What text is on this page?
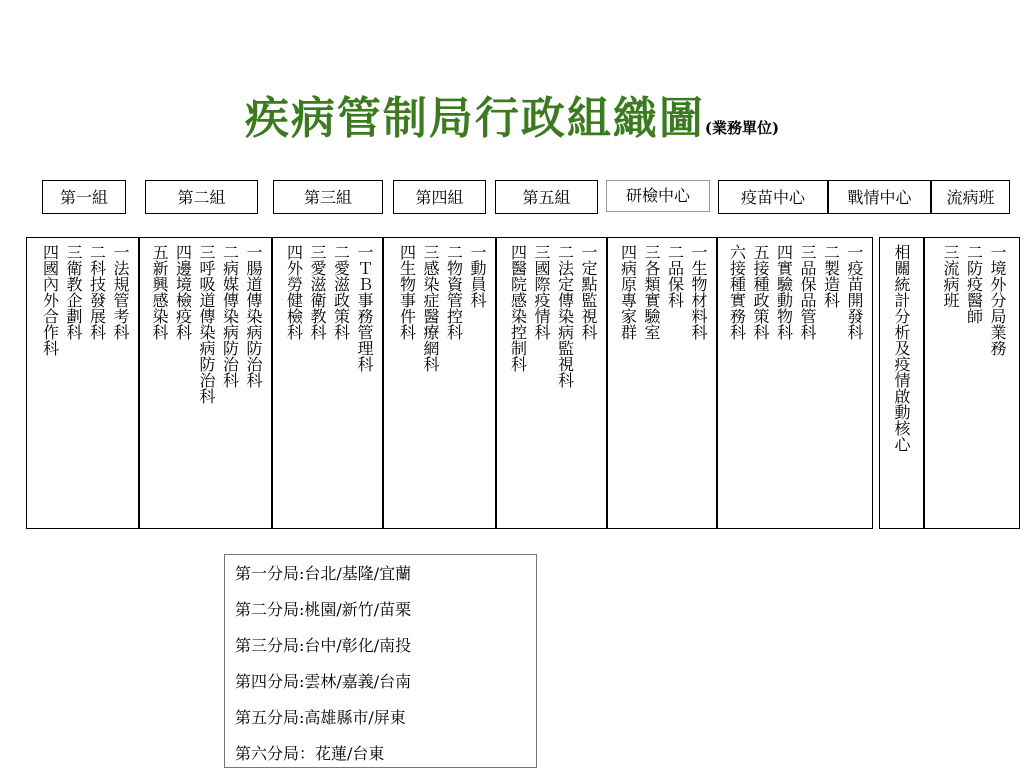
疾病管制局行政組織圖(業務單位)
第一組	第二組	第三組	第四組	第五組	研檢中心	疫苗中心	戰情中心	流病班
一法規管考科
二科技發展科
三衛教企劃科
四國內外合作科	一腸道傳染病防治科
二病媒傳染病防治科
三呼吸道傳染病防治科
四邊境檢疫科
五新興感染科	一ＴＢ事務管理科
二愛滋政策科
三愛滋衛教科
四外勞健檢科	一動員科
二物資管控科
三感染症醫療網科
四生物事件科	一定點監視科
二法定傳染病監視科
三國際疫情科
四醫院感染控制科	一生物材料科
二品保科
三各類實驗室
四病原專家群	一疫苗開發科
二製造科
三品保品管科
四實驗動物科
五接種政策科
六接種實務科	相關統計分析及疫情啟動核心	一境外分局業務
二防疫醫師
三流病班
第一分局:台北/基隆/宜蘭
第二分局:桃園/新竹/苗栗
第三分局:台中/彰化/南投
第四分局:雲林/嘉義/台南
第五分局:高雄縣市/屏東
第六分局：花蓮/台東
